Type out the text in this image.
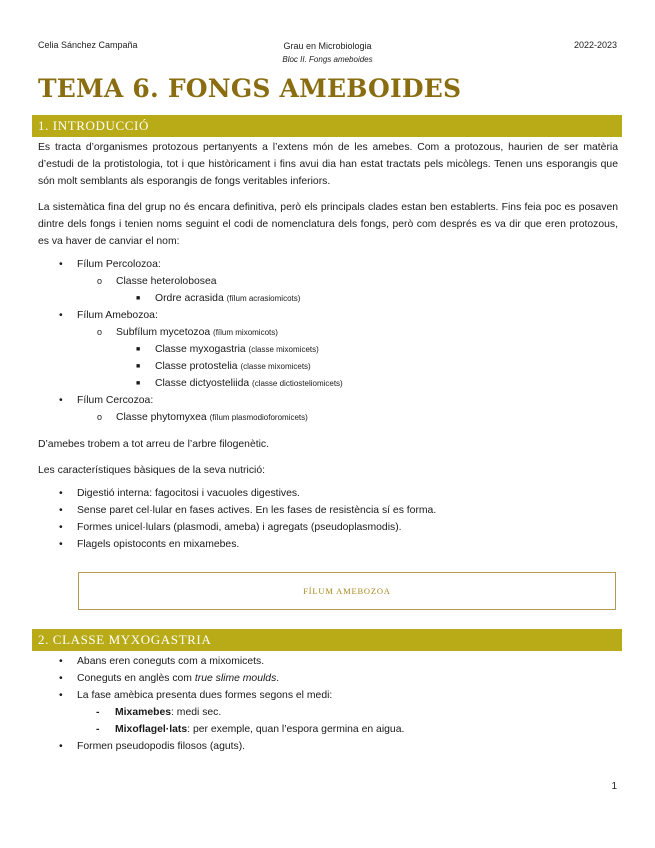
Celia Sánchez Campaña	Grau en Microbiologia
Bloc II. Fongs ameboides
2022-2023
TEMA 6. FONGS AMEBOIDES
1. INTRODUCCIÓ

Es tracta d’organismes protozous pertanyents a l’extens món de les amebes. Com a protozous, haurien de ser matèria d’estudi de la protistologia, tot i que històricament i fins avui dia han estat tractats pels micòlegs. Tenen uns esporangis que són molt semblants als esporangis de fongs veritables inferiors.

La sistemàtica fina del grup no és encara definitiva, però els principals clades estan ben establerts. Fins feia poc es posaven dintre dels fongs i tenien noms seguint el codi de nomenclatura dels fongs, però com després es va dir que eren protozous, es va haver de canviar el nom:

• Fílum Percolozoa:
o Classe heterolobosea
■ Ordre acrasida (fílum acrasiomicots)
• Fílum Amebozoa:
o Subfílum mycetozoa (fílum mixomicots)
■ Classe myxogastria (classe mixomicets)
■ Classe protostelia (classe mixomicets)
■ Classe dictyosteliida (classe dictiosteliomicets)
• Fílum Cercozoa:
o Classe phytomyxea (fílum plasmodioforomicets)

D’amebes trobem a tot arreu de l’arbre filogenètic.

Les característiques bàsiques de la seva nutrició:

• Digestió interna: fagocitosi i vacuoles digestives.
• Sense paret cel·lular en fases actives. En les fases de resistència sí es forma.
• Formes unicel·lulars (plasmodi, ameba) i agregats (pseudoplasmodis).
• Flagels opistoconts en mixamebes.
FÍLUM AMEBOZOA
2. CLASSE MYXOGASTRIA
• Abans eren coneguts com a mixomicets.
• Coneguts en anglès com true slime moulds.
• La fase amèbica presenta dues formes segons el medi:
- Mixamebes: medi sec.
- Mixoflagel·lats: per exemple, quan l’espora germina en aigua.
• Formen pseudopodis filosos (aguts).
1
